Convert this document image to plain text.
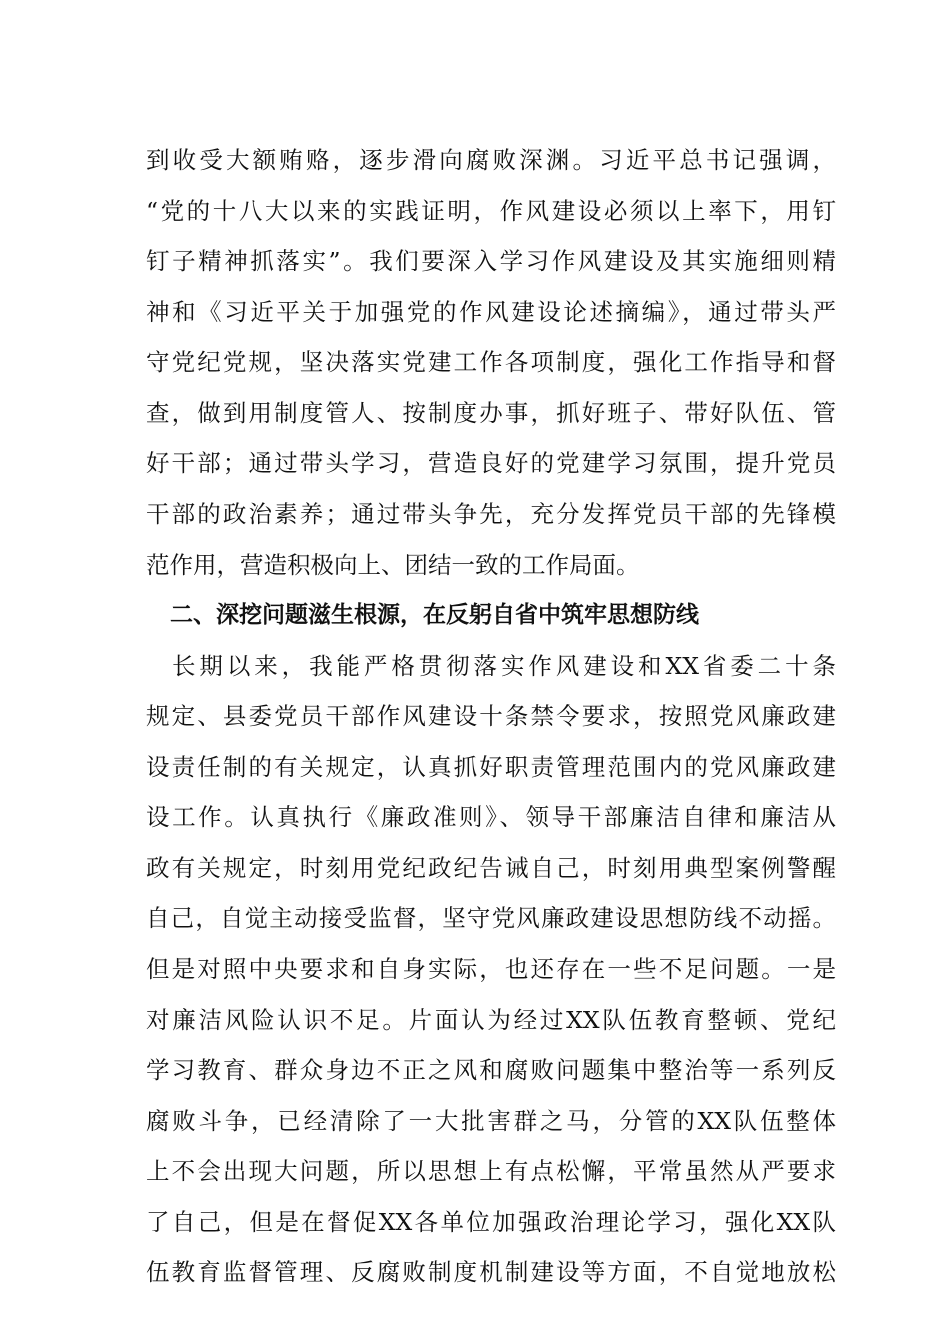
到收受大额贿赂，逐步滑向腐败深渊。习近平总书记强调，
“党的十八大以来的实践证明，作风建设必须以上率下，用钉
钉子精神抓落实”。我们要深入学习作风建设及其实施细则精
神和《习近平关于加强党的作风建设论述摘编》，通过带头严
守党纪党规，坚决落实党建工作各项制度，强化工作指导和督
查，做到用制度管人、按制度办事，抓好班子、带好队伍、管
好干部；通过带头学习，营造良好的党建学习氛围，提升党员
干部的政治素养；通过带头争先，充分发挥党员干部的先锋模
范作用，营造积极向上、团结一致的工作局面。
二、深挖问题滋生根源，在反躬自省中筑牢思想防线
长期以来，我能严格贯彻落实作风建设和XX省委二十条
规定、县委党员干部作风建设十条禁令要求，按照党风廉政建
设责任制的有关规定，认真抓好职责管理范围内的党风廉政建
设工作。认真执行《廉政准则》、领导干部廉洁自律和廉洁从
政有关规定，时刻用党纪政纪告诫自己，时刻用典型案例警醒
自己，自觉主动接受监督，坚守党风廉政建设思想防线不动摇。
但是对照中央要求和自身实际，也还存在一些不足问题。一是
对廉洁风险认识不足。片面认为经过XX队伍教育整顿、党纪
学习教育、群众身边不正之风和腐败问题集中整治等一系列反
腐败斗争，已经清除了一大批害群之马，分管的XX队伍整体
上不会出现大问题，所以思想上有点松懈，平常虽然从严要求
了自己，但是在督促XX各单位加强政治理论学习，强化XX队
伍教育监督管理、反腐败制度机制建设等方面，不自觉地放松
